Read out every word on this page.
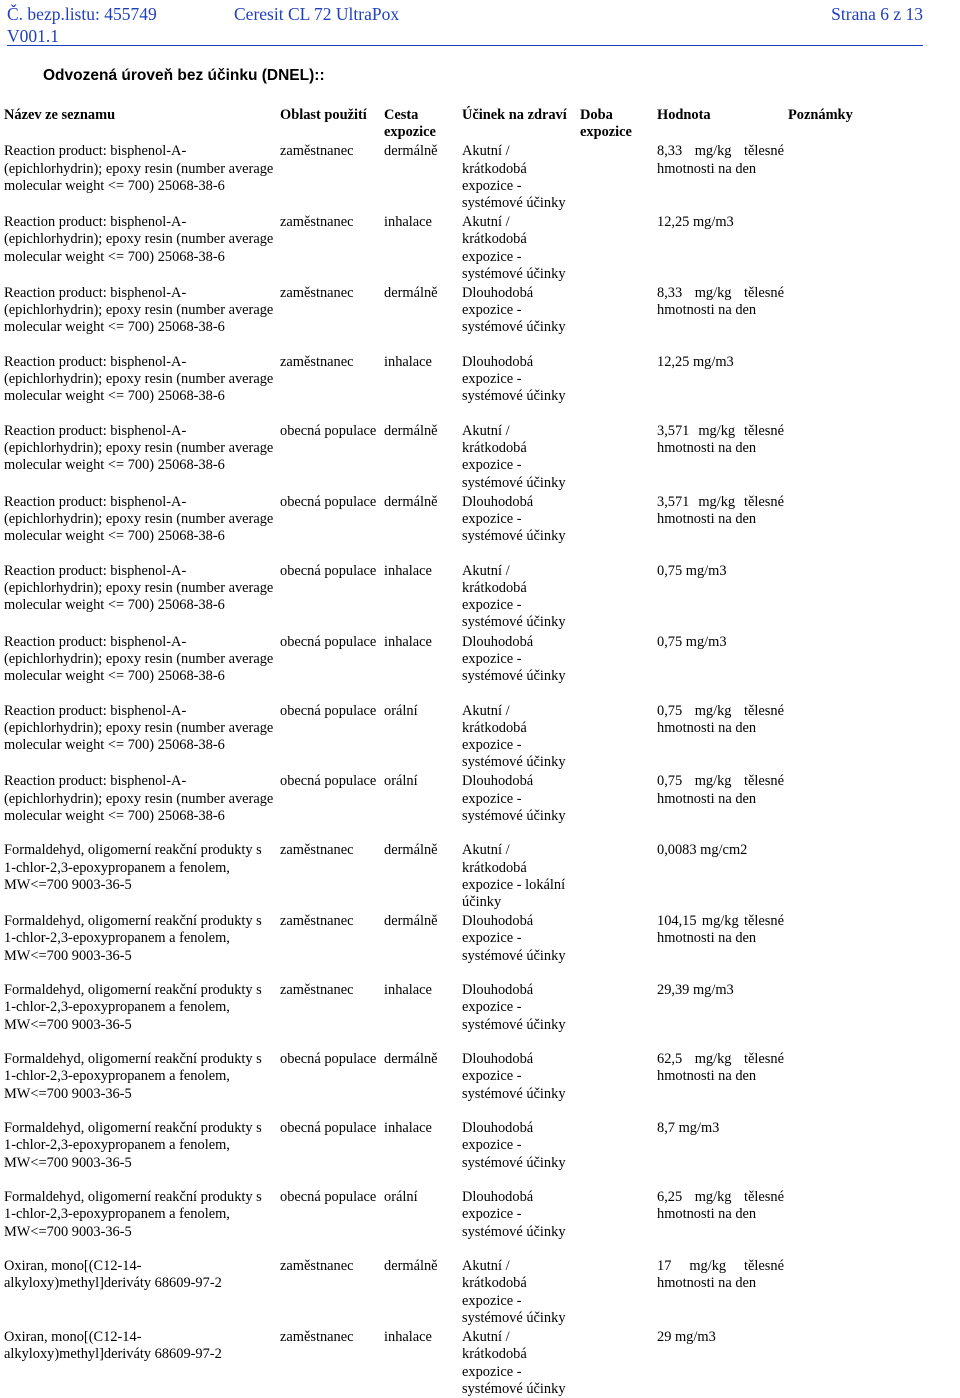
Č. bezp.listu: 455749	Ceresit CL 72 UltraPox	Strana 6 z 13
V001.1
Odvozená úroveň bez účinku (DNEL)::
Název ze seznamu	Oblast použití	Cesta expozice	Účinek na zdraví	Doba expozice	Hodnota	Poznámky
Reaction product: bisphenol-A-(epichlorhydrin); epoxy resin (number average molecular weight <= 700) 25068-38-6	zaměstnanec	dermálně	Akutní / krátkodobá expozice - systémové účinky		8,33 mg/kg tělesné hmotnosti na den	
Reaction product: bisphenol-A-(epichlorhydrin); epoxy resin (number average molecular weight <= 700) 25068-38-6	zaměstnanec	inhalace	Akutní / krátkodobá expozice - systémové účinky		12,25 mg/m3	
Reaction product: bisphenol-A-(epichlorhydrin); epoxy resin (number average molecular weight <= 700) 25068-38-6	zaměstnanec	dermálně	Dlouhodobá expozice - systémové účinky		8,33 mg/kg tělesné hmotnosti na den	
Reaction product: bisphenol-A-(epichlorhydrin); epoxy resin (number average molecular weight <= 700) 25068-38-6	zaměstnanec	inhalace	Dlouhodobá expozice - systémové účinky		12,25 mg/m3	
Reaction product: bisphenol-A-(epichlorhydrin); epoxy resin (number average molecular weight <= 700) 25068-38-6	obecná populace	dermálně	Akutní / krátkodobá expozice - systémové účinky		3,571 mg/kg tělesné hmotnosti na den	
Reaction product: bisphenol-A-(epichlorhydrin); epoxy resin (number average molecular weight <= 700) 25068-38-6	obecná populace	dermálně	Dlouhodobá expozice - systémové účinky		3,571 mg/kg tělesné hmotnosti na den	
Reaction product: bisphenol-A-(epichlorhydrin); epoxy resin (number average molecular weight <= 700) 25068-38-6	obecná populace	inhalace	Akutní / krátkodobá expozice - systémové účinky		0,75 mg/m3	
Reaction product: bisphenol-A-(epichlorhydrin); epoxy resin (number average molecular weight <= 700) 25068-38-6	obecná populace	inhalace	Dlouhodobá expozice - systémové účinky		0,75 mg/m3	
Reaction product: bisphenol-A-(epichlorhydrin); epoxy resin (number average molecular weight <= 700) 25068-38-6	obecná populace	orální	Akutní / krátkodobá expozice - systémové účinky		0,75 mg/kg tělesné hmotnosti na den	
Reaction product: bisphenol-A-(epichlorhydrin); epoxy resin (number average molecular weight <= 700) 25068-38-6	obecná populace	orální	Dlouhodobá expozice - systémové účinky		0,75 mg/kg tělesné hmotnosti na den	
Formaldehyd, oligomerní reakční produkty s 1-chlor-2,3-epoxypropanem a fenolem, MW<=700 9003-36-5	zaměstnanec	dermálně	Akutní / krátkodobá expozice - lokální účinky		0,0083 mg/cm2	
Formaldehyd, oligomerní reakční produkty s 1-chlor-2,3-epoxypropanem a fenolem, MW<=700 9003-36-5	zaměstnanec	dermálně	Dlouhodobá expozice - systémové účinky		104,15 mg/kg tělesné hmotnosti na den	
Formaldehyd, oligomerní reakční produkty s 1-chlor-2,3-epoxypropanem a fenolem, MW<=700 9003-36-5	zaměstnanec	inhalace	Dlouhodobá expozice - systémové účinky		29,39 mg/m3	
Formaldehyd, oligomerní reakční produkty s 1-chlor-2,3-epoxypropanem a fenolem, MW<=700 9003-36-5	obecná populace	dermálně	Dlouhodobá expozice - systémové účinky		62,5 mg/kg tělesné hmotnosti na den	
Formaldehyd, oligomerní reakční produkty s 1-chlor-2,3-epoxypropanem a fenolem, MW<=700 9003-36-5	obecná populace	inhalace	Dlouhodobá expozice - systémové účinky		8,7 mg/m3	
Formaldehyd, oligomerní reakční produkty s 1-chlor-2,3-epoxypropanem a fenolem, MW<=700 9003-36-5	obecná populace	orální	Dlouhodobá expozice - systémové účinky		6,25 mg/kg tělesné hmotnosti na den	
Oxiran, mono[(C12-14-alkyloxy)methyl]deriváty 68609-97-2	zaměstnanec	dermálně	Akutní / krátkodobá expozice - systémové účinky		17 mg/kg tělesné hmotnosti na den	
Oxiran, mono[(C12-14-alkyloxy)methyl]deriváty 68609-97-2	zaměstnanec	inhalace	Akutní / krátkodobá expozice - systémové účinky		29 mg/m3	
